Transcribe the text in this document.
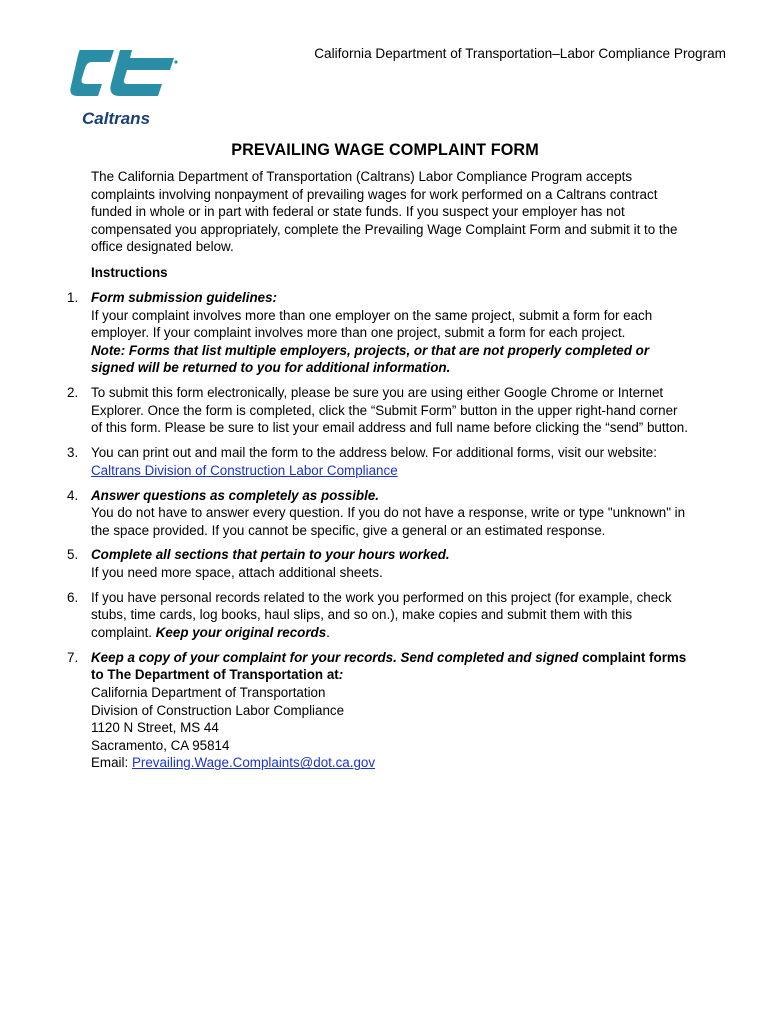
Caltrans
California Department of Transportation–Labor Compliance Program
PREVAILING WAGE COMPLAINT FORM
The California Department of Transportation (Caltrans) Labor Compliance Program accepts complaints involving nonpayment of prevailing wages for work performed on a Caltrans contract funded in whole or in part with federal or state funds. If you suspect your employer has not compensated you appropriately, complete the Prevailing Wage Complaint Form and submit it to the office designated below.
Instructions
1. Form submission guidelines:
If your complaint involves more than one employer on the same project, submit a form for each employer. If your complaint involves more than one project, submit a form for each project.
Note: Forms that list multiple employers, projects, or that are not properly completed or signed will be returned to you for additional information.
2. To submit this form electronically, please be sure you are using either Google Chrome or Internet Explorer. Once the form is completed, click the “Submit Form” button in the upper right-hand corner of this form. Please be sure to list your email address and full name before clicking the “send” button.
3. You can print out and mail the form to the address below. For additional forms, visit our website:
Caltrans Division of Construction Labor Compliance
4. Answer questions as completely as possible.
You do not have to answer every question. If you do not have a response, write or type "unknown" in the space provided. If you cannot be specific, give a general or an estimated response.
5. Complete all sections that pertain to your hours worked.
If you need more space, attach additional sheets.
6. If you have personal records related to the work you performed on this project (for example, check stubs, time cards, log books, haul slips, and so on.), make copies and submit them with this complaint. Keep your original records.
7. Keep a copy of your complaint for your records. Send completed and signed complaint forms to The Department of Transportation at:
California Department of Transportation
Division of Construction Labor Compliance
1120 N Street, MS 44
Sacramento, CA 95814
Email: Prevailing.Wage.Complaints@dot.ca.gov
